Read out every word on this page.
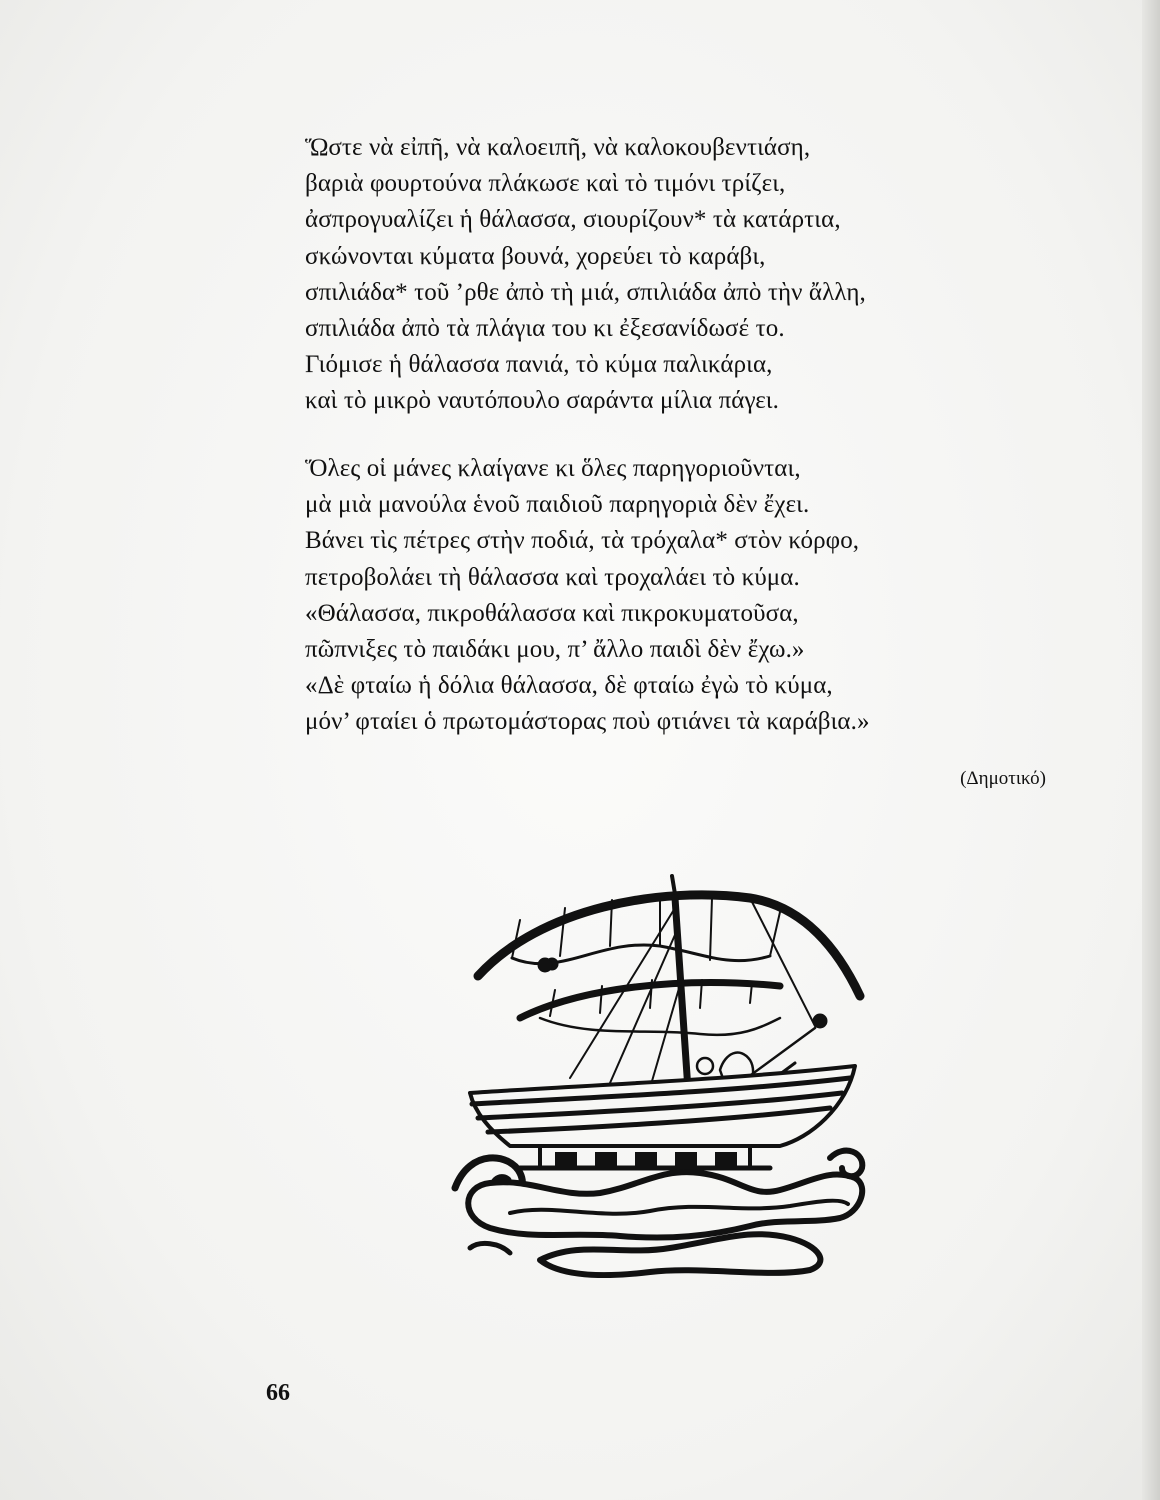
Ὥστε νὰ εἰπῆ, νὰ καλοειπῆ, νὰ καλοκουβεντιάση,
βαριὰ φουρτούνα πλάκωσε καὶ τὸ τιμόνι τρίζει,
ἀσπρογυαλίζει ἡ θάλασσα, σιουρίζουν* τὰ κατάρτια,
σκώνονται κύματα βουνά, χορεύει τὸ καράβι,
σπιλιάδα* τοῦ ’ρθε ἀπὸ τὴ μιά, σπιλιάδα ἀπὸ τὴν ἄλλη,
σπιλιάδα ἀπὸ τὰ πλάγια του κι ἐξεσανίδωσέ το.
Γιόμισε ἡ θάλασσα πανιά, τὸ κύμα παλικάρια,
καὶ τὸ μικρὸ ναυτόπουλο σαράντα μίλια πάγει.
Ὅλες οἱ μάνες κλαίγανε κι ὅλες παρηγοριοῦνται,
μὰ μιὰ μανούλα ἑνοῦ παιδιοῦ παρηγοριὰ δὲν ἔχει.
Βάνει τὶς πέτρες στὴν ποδιά, τὰ τρόχαλα* στὸν κόρφο,
πετροβολάει τὴ θάλασσα καὶ τροχαλάει τὸ κύμα.
«Θάλασσα, πικροθάλασσα καὶ πικροκυματοῦσα,
πῶπνιξες τὸ παιδάκι μου, π’ ἄλλο παιδὶ δὲν ἔχω.»
«Δὲ φταίω ἡ δόλια θάλασσα, δὲ φταίω ἐγὼ τὸ κύμα,
μόν’ φταίει ὁ πρωτομάστορας ποὺ φτιάνει τὰ καράβια.»
(Δημοτικό)
66
